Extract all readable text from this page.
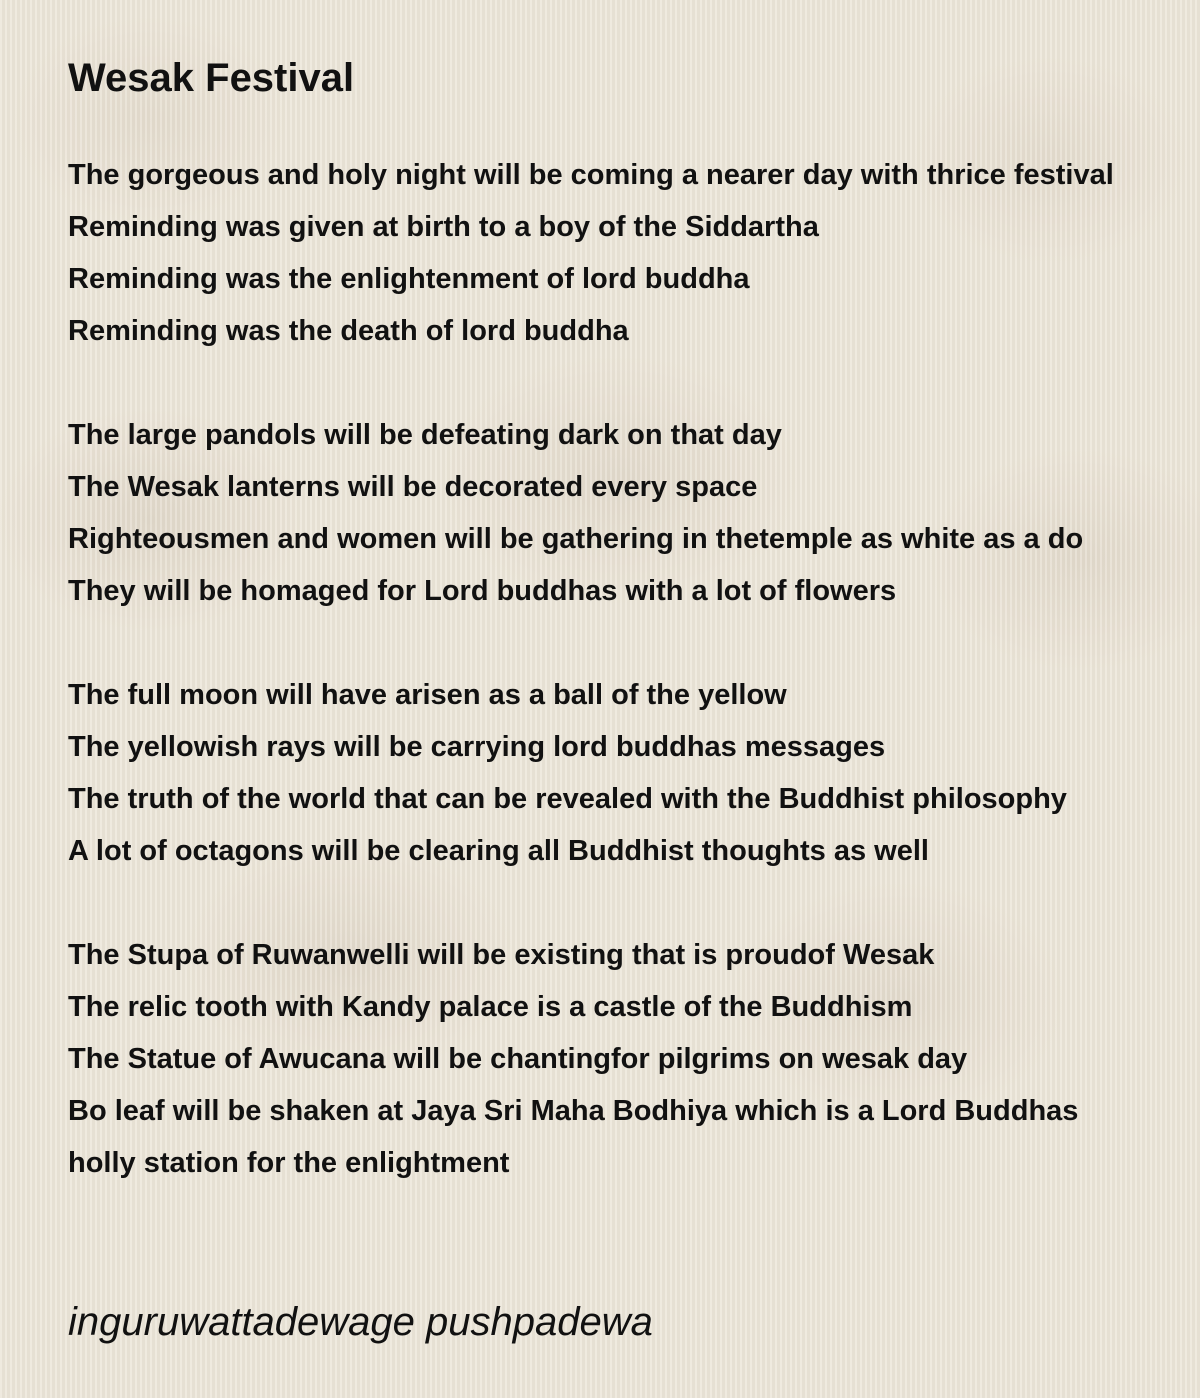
Wesak Festival

The gorgeous and holy night will be coming a nearer day with thrice festival
Reminding was given at birth to a boy of the Siddartha
Reminding was the enlightenment of lord buddha
Reminding was the death of lord buddha

The large pandols will be defeating dark on that day
The Wesak lanterns will be decorated every space
Righteousmen and women will be gathering in thetemple as white as a do
They will be homaged for Lord buddhas with a lot of flowers

The full moon will have arisen as a ball of the yellow
The yellowish rays will be carrying lord buddhas messages
The truth of the world that can be revealed with the Buddhist philosophy
A lot of octagons will be clearing all Buddhist thoughts as well

The Stupa of Ruwanwelli will be existing that is proudof Wesak
The relic tooth with Kandy palace is a castle of the Buddhism
The Statue of Awucana will be chantingfor pilgrims on wesak day
Bo leaf will be shaken at Jaya Sri Maha Bodhiya which is a Lord Buddhas holly station for the enlightment

inguruwattadewage pushpadewa
